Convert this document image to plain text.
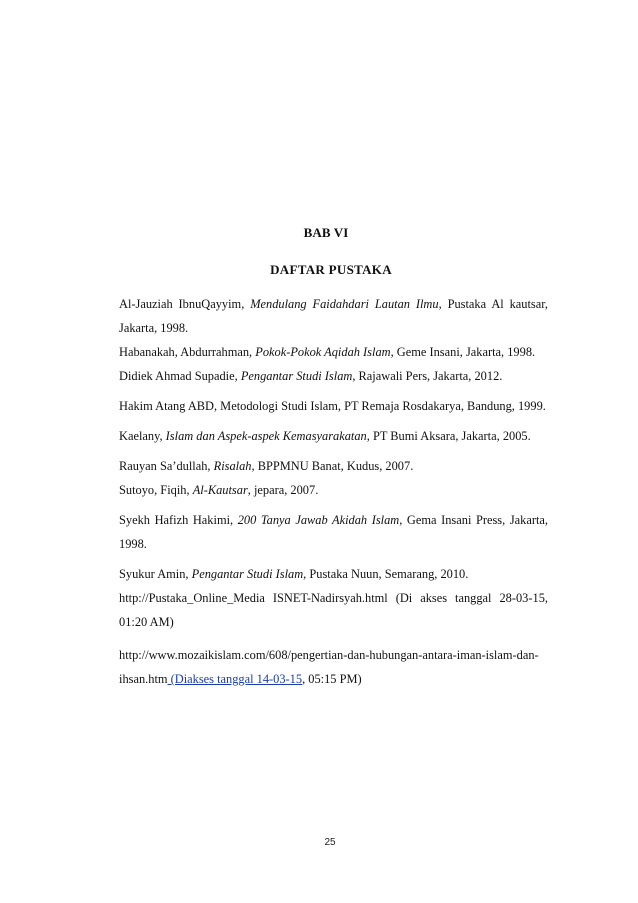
BAB VI
DAFTAR PUSTAKA

Al-Jauziah IbnuQayyim, Mendulang Faidahdari Lautan Ilmu, Pustaka Al kautsar, Jakarta, 1998.

Habanakah, Abdurrahman, Pokok-Pokok Aqidah Islam, Geme Insani, Jakarta, 1998.

Didiek Ahmad Supadie, Pengantar Studi Islam, Rajawali Pers, Jakarta, 2012.

Hakim Atang ABD, Metodologi Studi Islam, PT Remaja Rosdakarya, Bandung, 1999.

Kaelany, Islam dan Aspek-aspek Kemasyarakatan, PT Bumi Aksara, Jakarta, 2005.

Rauyan Sa’dullah, Risalah, BPPMNU Banat, Kudus, 2007.

Sutoyo, Fiqih, Al-Kautsar, jepara, 2007.

Syekh Hafizh Hakimi, 200 Tanya Jawab Akidah Islam, Gema Insani Press, Jakarta, 1998.

Syukur Amin, Pengantar Studi Islam, Pustaka Nuun, Semarang, 2010.

http://Pustaka_Online_Media ISNET-Nadirsyah.html (Di akses tanggal 28-03-15, 01:20 AM)

http://www.mozaikislam.com/608/pengertian-dan-hubungan-antara-iman-islam-dan-ihsan.htm (Diakses tanggal 14-03-15, 05:15 PM)

25
